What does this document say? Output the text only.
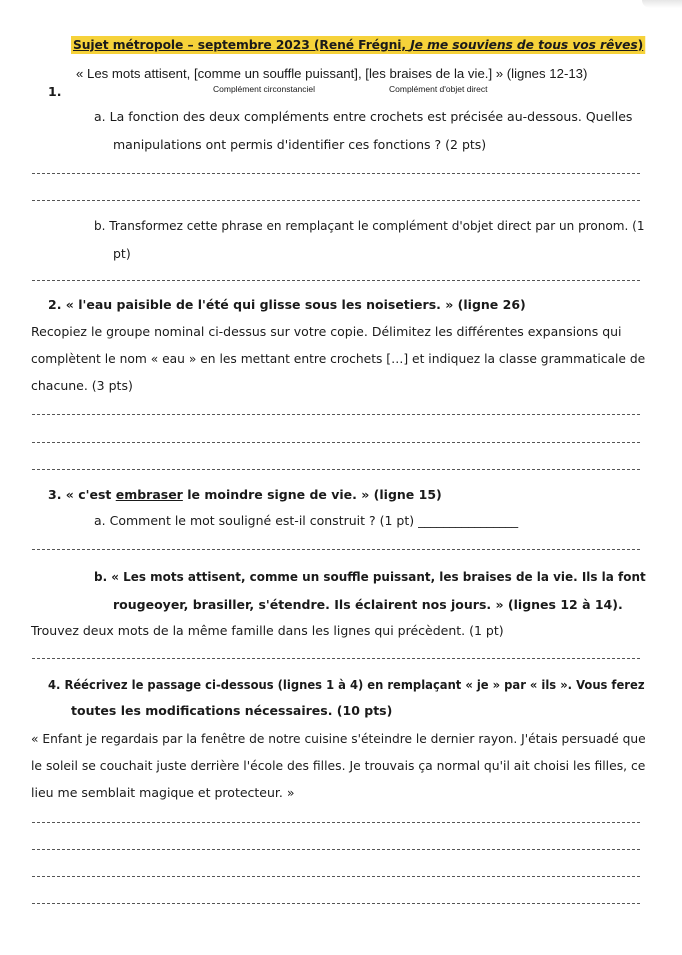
Sujet métropole – septembre 2023 (René Frégni, Je me souviens de tous vos rêves)
« Les mots attisent, [comme un souffle puissant], [les braises de la vie.] » (lignes 12-13)
1.	Complément circonstanciel	Complément d'objet direct
a. La fonction des deux compléments entre crochets est précisée au-dessous. Quelles
manipulations ont permis d'identifier ces fonctions ? (2 pts)
b. Transformez cette phrase en remplaçant le complément d'objet direct par un pronom. (1
pt)
2. « l'eau paisible de l'été qui glisse sous les noisetiers. » (ligne 26)
Recopiez le groupe nominal ci-dessus sur votre copie. Délimitez les différentes expansions qui
complètent le nom « eau » en les mettant entre crochets […] et indiquez la classe grammaticale de
chacune. (3 pts)
3. « c'est embraser le moindre signe de vie. » (ligne 15)
a. Comment le mot souligné est-il construit ? (1 pt) ________________
b. « Les mots attisent, comme un souffle puissant, les braises de la vie. Ils la font
rougeoyer, brasiller, s'étendre. Ils éclairent nos jours. » (lignes 12 à 14).
Trouvez deux mots de la même famille dans les lignes qui précèdent. (1 pt)
4. Réécrivez le passage ci-dessous (lignes 1 à 4) en remplaçant « je » par « ils ». Vous ferez
toutes les modifications nécessaires. (10 pts)
« Enfant je regardais par la fenêtre de notre cuisine s'éteindre le dernier rayon. J'étais persuadé que
le soleil se couchait juste derrière l'école des filles. Je trouvais ça normal qu'il ait choisi les filles, ce
lieu me semblait magique et protecteur. »
